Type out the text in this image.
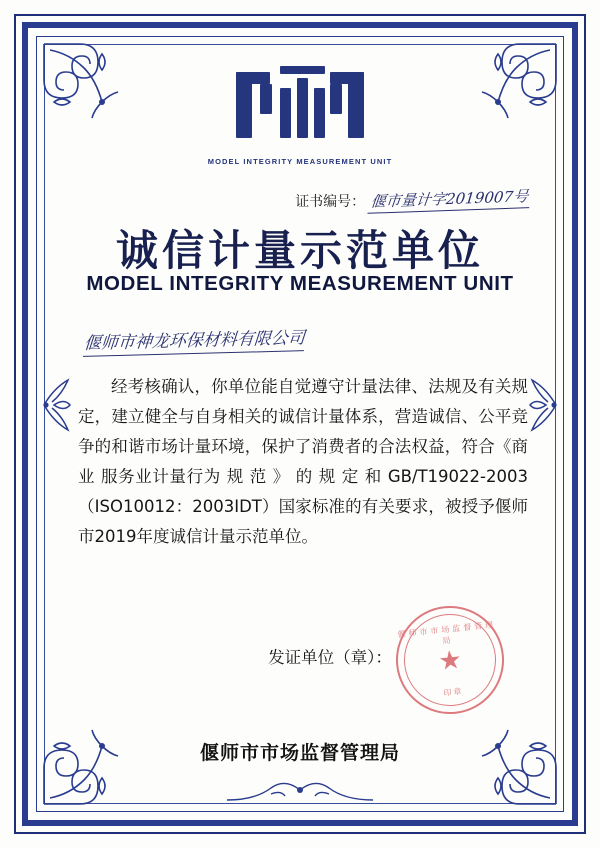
MODEL INTEGRITY MEASUREMENT UNIT
证书编号： 偃市量计字2019007号
诚信计量示范单位
MODEL INTEGRITY MEASUREMENT UNIT
偃师市神龙环保材料有限公司

经考核确认，你单位能自觉遵守计量法律、法规及有关规定，建立健全与自身相关的诚信计量体系，营造诚信、公平竞争的和谐市场计量环境，保护了消费者的合法权益，符合《商业 服务业计量行为 规 范 》 的 规 定 和 GB/T19022-2003（ISO10012：2003IDT）国家标准的有关要求，被授予偃师市2019年度诚信计量示范单位。

发证单位（章）：
偃师市市场监督管理局
★
印章
偃师市市场监督管理局
